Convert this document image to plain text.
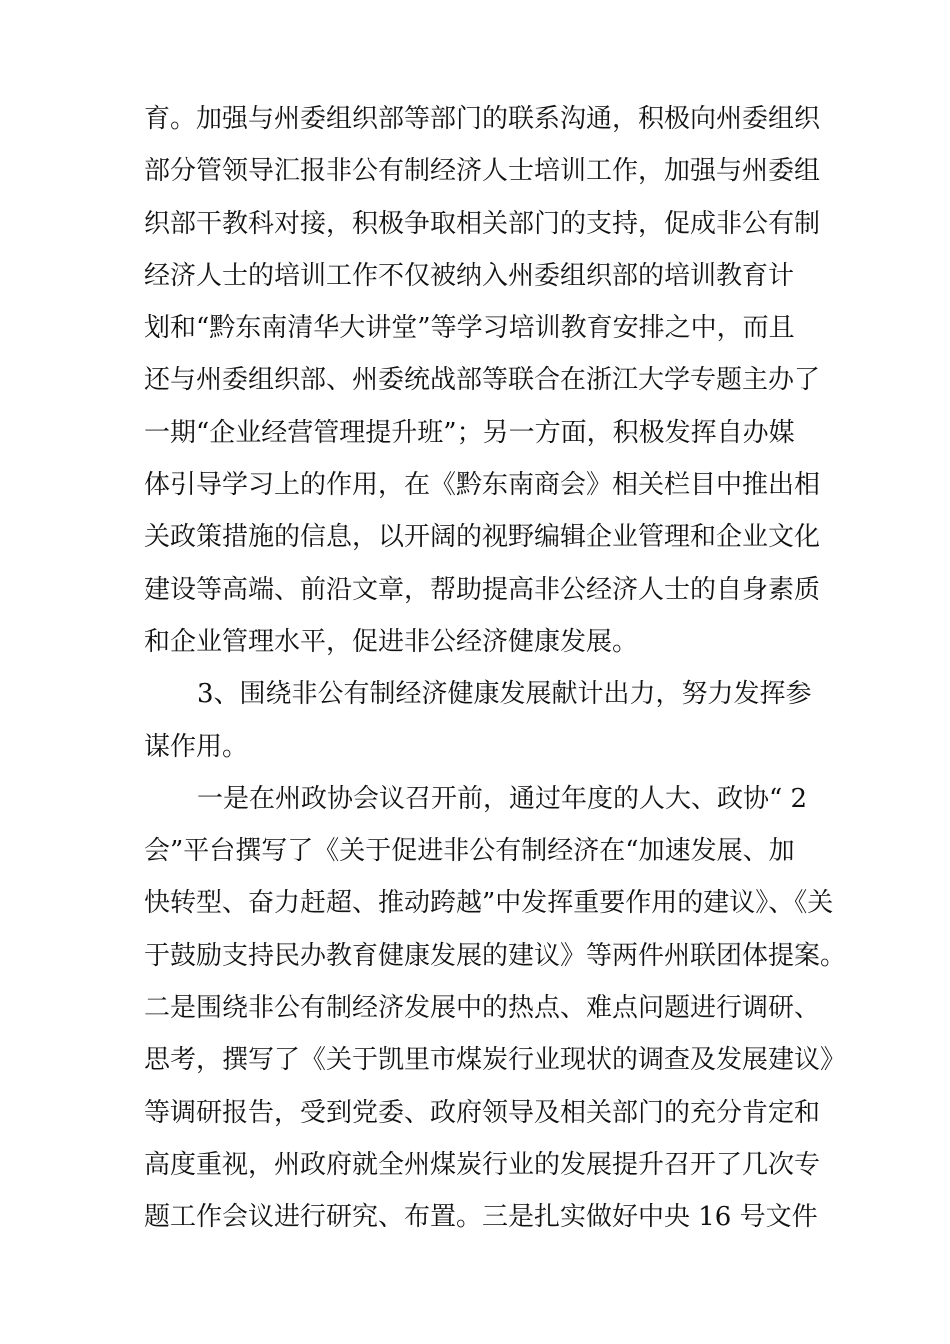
育。加强与州委组织部等部门的联系沟通，积极向州委组织
部分管领导汇报非公有制经济人士培训工作，加强与州委组
织部干教科对接，积极争取相关部门的支持，促成非公有制
经济人士的培训工作不仅被纳入州委组织部的培训教育计
划和“黔东南清华大讲堂”等学习培训教育安排之中，而且
还与州委组织部、州委统战部等联合在浙江大学专题主办了
一期“企业经营管理提升班”；另一方面，积极发挥自办媒
体引导学习上的作用，在《黔东南商会》相关栏目中推出相
关政策措施的信息，以开阔的视野编辑企业管理和企业文化
建设等高端、前沿文章，帮助提高非公经济人士的自身素质
和企业管理水平，促进非公经济健康发展。
3、围绕非公有制经济健康发展献计出力，努力发挥参
谋作用。
一是在州政协会议召开前，通过年度的人大、政协“ 2
会”平台撰写了《关于促进非公有制经济在“加速发展、加
快转型、奋力赶超、推动跨越”中发挥重要作用的建议》、《关
于鼓励支持民办教育健康发展的建议》等两件州联团体提案。
二是围绕非公有制经济发展中的热点、难点问题进行调研、
思考，撰写了《关于凯里市煤炭行业现状的调查及发展建议》
等调研报告，受到党委、政府领导及相关部门的充分肯定和
高度重视，州政府就全州煤炭行业的发展提升召开了几次专
题工作会议进行研究、布置。三是扎实做好中央 16 号文件
